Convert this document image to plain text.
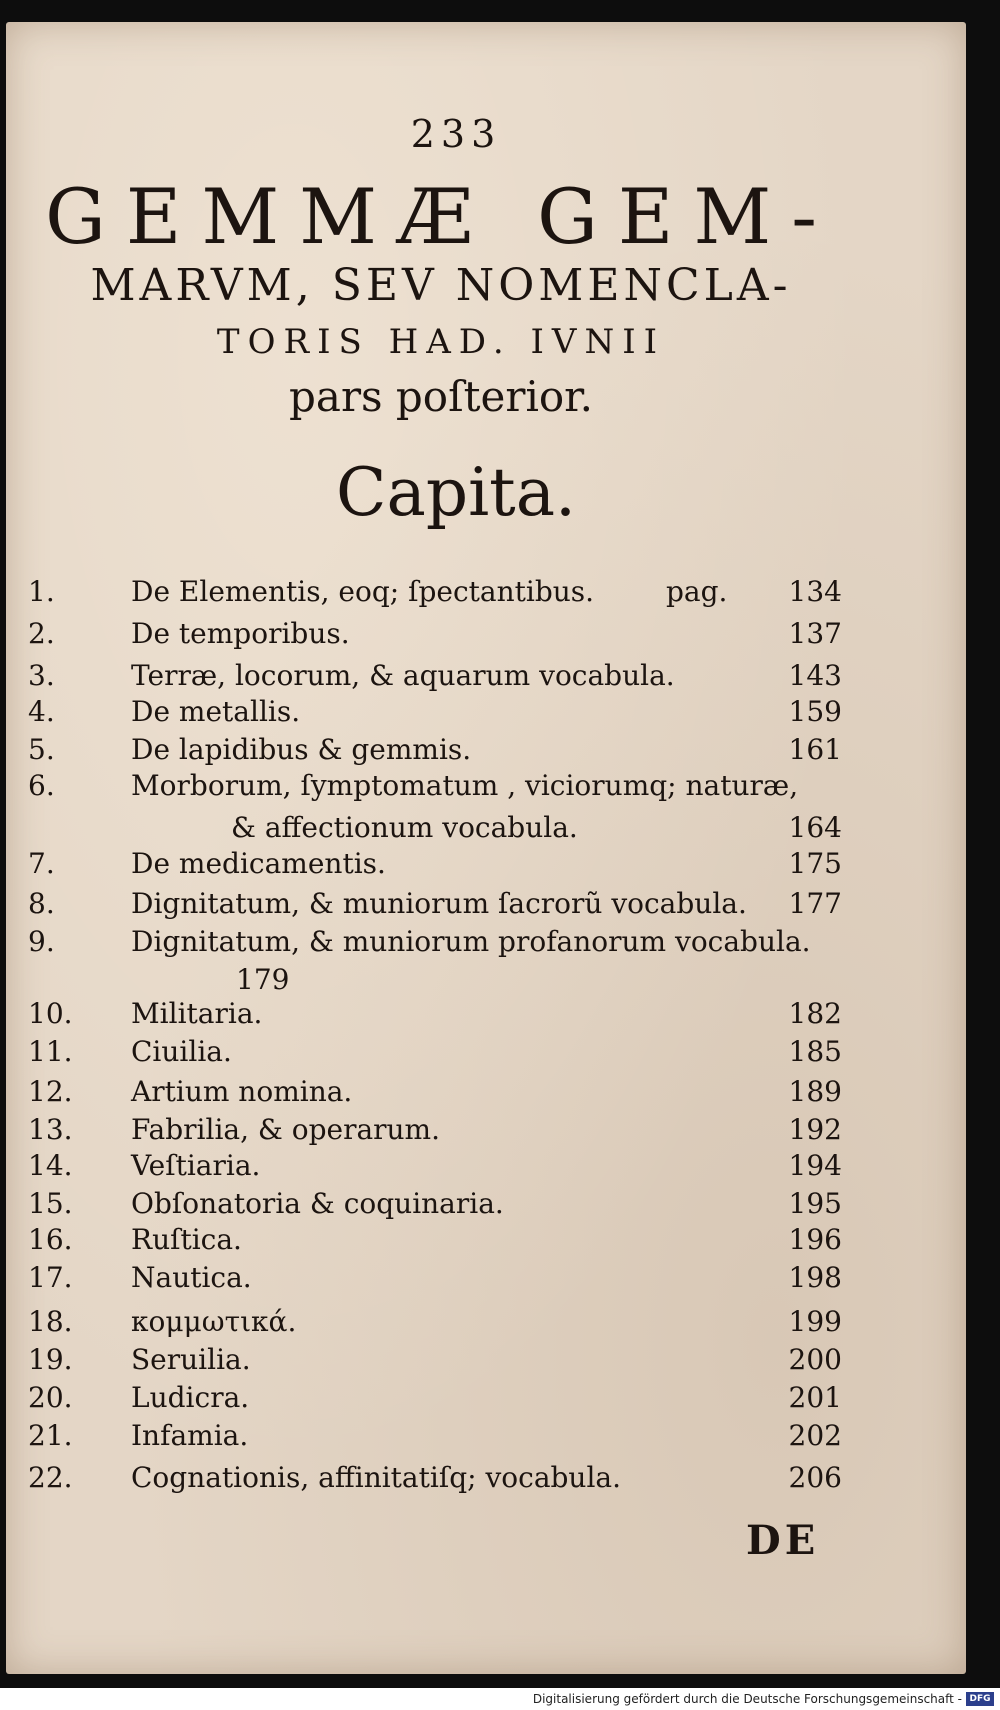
233
GEMMÆ GEM-
MARVM, SEV NOMENCLA-
TORIS HAD. IVNII
pars poſterior.
Capita.
1.	De Elementis, eoq; ſpectantibus.	pag.	134
2.	De temporibus.	137
3.	Terræ, locorum, & aquarum vocabula.	143
4.	De metallis.	159
5.	De lapidibus & gemmis.	161
6.	Morborum, ſymptomatum , viciorumq; naturæ,
& affectionum vocabula.	164
7.	De medicamentis.	175
8.	Dignitatum, & muniorum ſacrorũ vocabula.	177
9.	Dignitatum, & muniorum profanorum vocabula.
179
10.	Militaria.	182
11.	Ciuilia.	185
12.	Artium nomina.	189
13.	Fabrilia, & operarum.	192
14.	Veſtiaria.	194
15.	Obſonatoria & coquinaria.	195
16.	Ruſtica.	196
17.	Nautica.	198
18.	κομμωτικά.	199
19.	Seruilia.	200
20.	Ludicra.	201
21.	Infamia.	202
22.	Cognationis, affinitatiſq; vocabula.	206
DE
Digitalisierung gefördert durch die Deutsche Forschungsgemeinschaft - DFG
